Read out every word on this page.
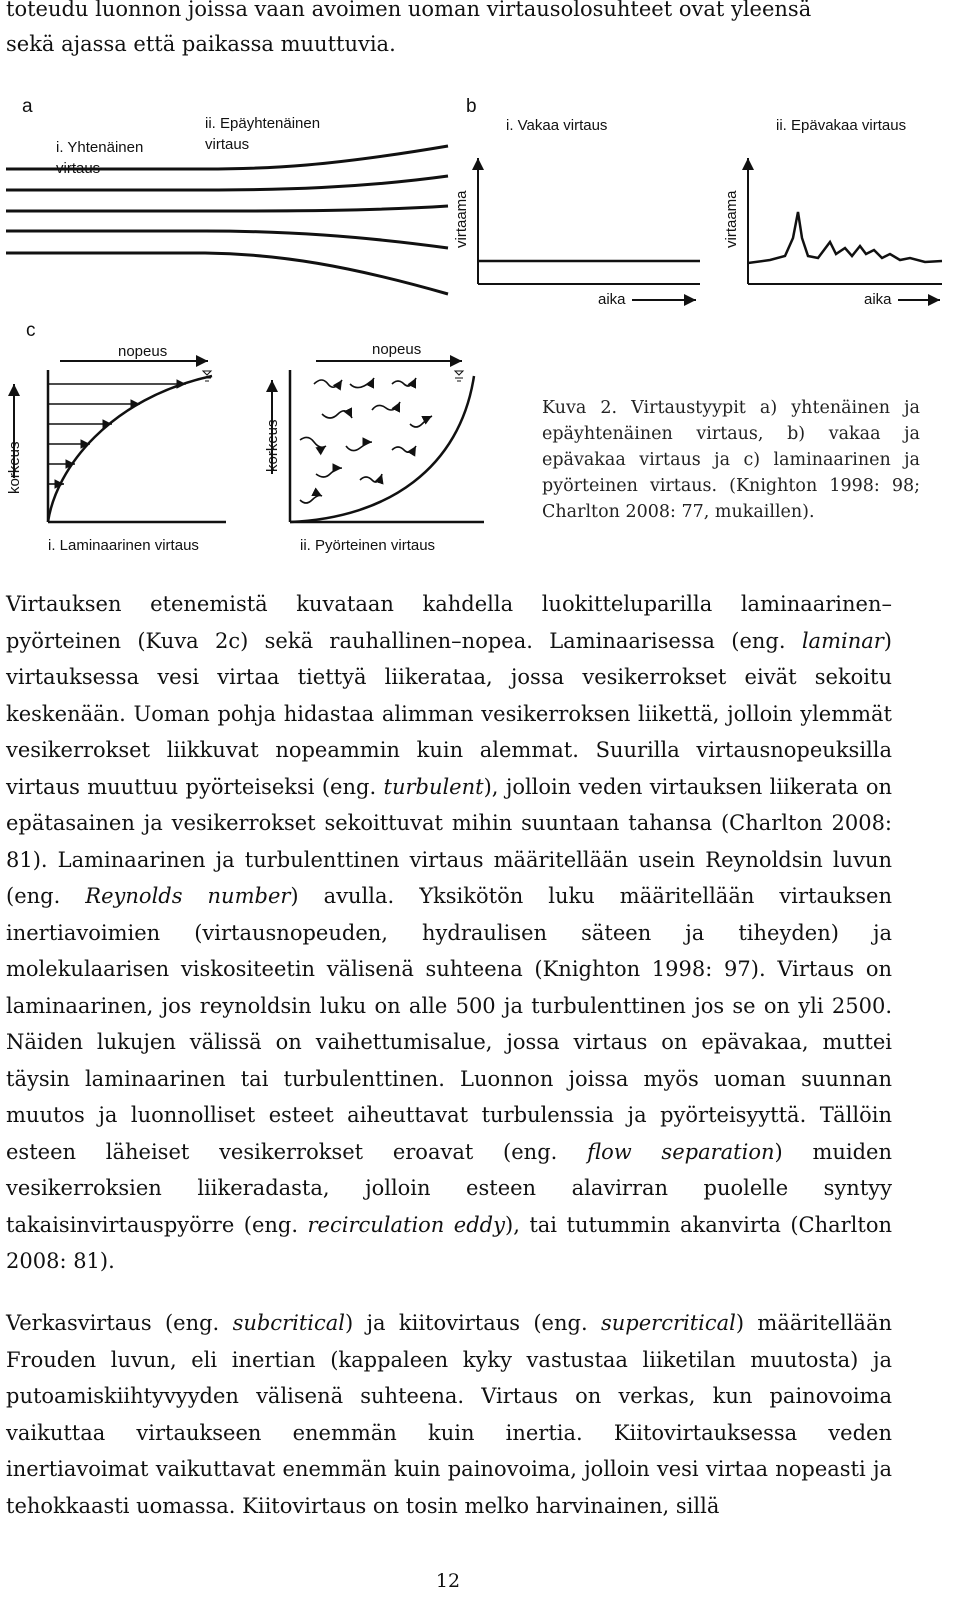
toteudu luonnon joissa vaan avoimen uoman virtausolosuhteet ovat yleensä

sekä ajassa että paikassa muuttuvia.

a
i. Yhtenäinen
virtaus
ii. Epäyhtenäinen
virtaus
b
i. Vakaa virtaus	ii. Epävakaa virtaus
virtaama
aika
virtaama
aika
c
nopeus
korkeus
i. Laminaarinen virtaus
nopeus
korkeus
ii. Pyörteinen virtaus
Kuva 2. Virtaustyypit a) yhtenäinen ja epäyhtenäinen virtaus, b) vakaa ja epävakaa virtaus ja c) laminaarinen ja pyörteinen virtaus. (Knighton 1998: 98; Charlton 2008: 77, mukaillen).

Virtauksen etenemistä kuvataan kahdella luokitteluparilla laminaarinen–pyörteinen (Kuva 2c) sekä rauhallinen–nopea. Laminaarisessa (eng. laminar) virtauksessa vesi virtaa tiettyä liikerataa, jossa vesikerrokset eivät sekoitu keskenään. Uoman pohja hidastaa alimman vesikerroksen liikettä, jolloin ylemmät vesikerrokset liikkuvat nopeammin kuin alemmat. Suurilla virtausnopeuksilla virtaus muuttuu pyörteiseksi (eng. turbulent), jolloin veden virtauksen liikerata on epätasainen ja vesikerrokset sekoittuvat mihin suuntaan tahansa (Charlton 2008: 81). Laminaarinen ja turbulenttinen virtaus määritellään usein Reynoldsin luvun (eng. Reynolds number) avulla. Yksikötön luku määritellään virtauksen inertiavoimien (virtausnopeuden, hydraulisen säteen ja tiheyden) ja molekulaarisen viskositeetin välisenä suhteena (Knighton 1998: 97). Virtaus on laminaarinen, jos reynoldsin luku on alle 500 ja turbulenttinen jos se on yli 2500. Näiden lukujen välissä on vaihettumisalue, jossa virtaus on epävakaa, muttei täysin laminaarinen tai turbulenttinen. Luonnon joissa myös uoman suunnan muutos ja luonnolliset esteet aiheuttavat turbulenssia ja pyörteisyyttä. Tällöin esteen läheiset vesikerrokset eroavat (eng. flow separation) muiden vesikerroksien liikeradasta, jolloin esteen alavirran puolelle syntyy takaisinvirtauspyörre (eng. recirculation eddy), tai tutummin akanvirta (Charlton 2008: 81).

Verkasvirtaus (eng. subcritical) ja kiitovirtaus (eng. supercritical) määritellään Frouden luvun, eli inertian (kappaleen kyky vastustaa liiketilan muutosta) ja putoamiskiihtyvyyden välisenä suhteena. Virtaus on verkas, kun painovoima vaikuttaa virtaukseen enemmän kuin inertia. Kiitovirtauksessa veden inertiavoimat vaikuttavat enemmän kuin painovoima, jolloin vesi virtaa nopeasti ja tehokkaasti uomassa. Kiitovirtaus on tosin melko harvinainen, sillä

12
